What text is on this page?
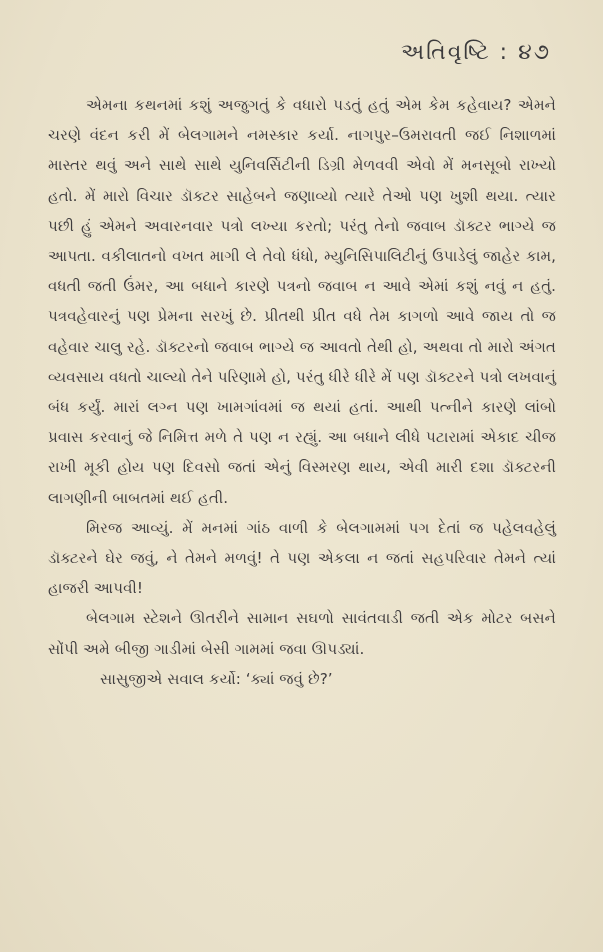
અતિવૃષ્ટિ : ૪૭

એમના કથનમાં કશું અજુગતું કે વધારો પડતું હતું એમ કેમ કહેવાય? એમને ચરણે વંદન કરી મેં બેલગામને નમસ્કાર કર્યા. નાગપુર–ઉમરાવતી જઈ નિશાળમાં માસ્તર થવું અને સાથે સાથે યુનિવર્સિટીની ડિગ્રી મેળવવી એવો મેં મનસૂબો રાખ્યો હતો. મેં મારો વિચાર ડૉક્ટર સાહેબને જણાવ્યો ત્યારે તેઓ પણ ખુશી થયા. ત્યાર પછી હું એમને અવારનવાર પત્રો લખ્યા કરતો; પરંતુ તેનો જવાબ ડૉક્ટર ભાગ્યે જ આપતા. વકીલાતનો વખત માગી લે તેવો ધંધો, મ્યુનિસિપાલિટીનું ઉપાડેલું જાહેર કામ, વધતી જતી ઉંમર, આ બધાને કારણે પત્રનો જવાબ ન આવે એમાં કશું નવું ન હતું. પત્રવહેવારનું પણ પ્રેમના સરખું છે. પ્રીતથી પ્રીત વધે તેમ કાગળો આવે જાય તો જ વહેવાર ચાલુ રહે. ડૉક્ટરનો જવાબ ભાગ્યે જ આવતો તેથી હો, અથવા તો મારો અંગત વ્યવસાય વધતો ચાલ્યો તેને પરિણામે હો, પરંતુ ધીરે ધીરે મેં પણ ડૉક્ટરને પત્રો લખવાનું બંધ કર્યું. મારાં લગ્ન પણ ખામગાંવમાં જ થયાં હતાં. આથી પત્નીને કારણે લાંબો પ્રવાસ કરવાનું જે નિમિત્ત મળે તે પણ ન રહ્યું. આ બધાને લીધે પટારામાં એકાદ ચીજ રાખી મૂકી હોય પણ દિવસો જતાં એનું વિસ્મરણ થાય, એવી મારી દશા ડૉક્ટરની લાગણીની બાબતમાં થઈ હતી.

મિરજ આવ્યું. મેં મનમાં ગાંઠ વાળી કે બેલગામમાં પગ દેતાં જ પહેલવહેલું ડૉક્ટરને ઘેર જવું, ને તેમને મળવું! તે પણ એકલા ન જતાં સહપરિવાર તેમને ત્યાં હાજરી આપવી!

બેલગામ સ્ટેશને ઊતરીને સામાન સઘળો સાવંતવાડી જતી એક મોટર બસને સોંપી અમે બીજી ગાડીમાં બેસી ગામમાં જવા ઊપડ્યાં.

સાસુજીએ સવાલ કર્યો: ‘ક્યાં જવું છે?’
